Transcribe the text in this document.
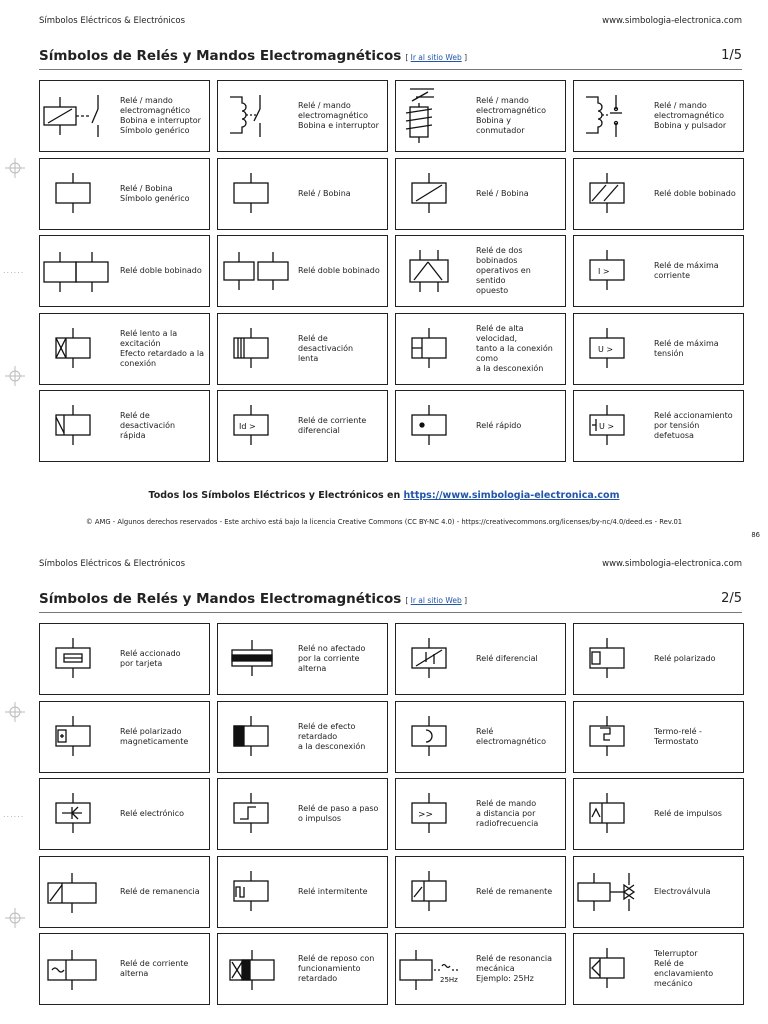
......
......
Símbolos Eléctricos & Electrónicos	www.simbologia-electronica.com
Símbolos de Relés y Mandos Electromagnéticos [ Ir al sitio Web ]	1/5
Relé / mando
electromagnético
Bobina e interruptor
Símbolo genérico
Relé / mando
electromagnético
Bobina e interruptor
Relé / mando
electromagnético
Bobina y conmutador
Relé / mando
electromagnético
Bobina y pulsador
Relé / Bobina
Símbolo genérico
Relé / Bobina	Relé / Bobina	Relé doble bobinado
Relé doble bobinado	Relé doble bobinado
Relé de dos bobinados
operativos en sentido
opuesto
I >
Relé de máxima corriente
Relé lento a la excitación
Efecto retardado a la
conexión
Relé de desactivación
lenta
Relé de alta velocidad,
tanto a la conexión como
a la desconexión
U >
Relé de máxima tensión
Relé de desactivación
rápida
Id >
Relé de corriente
diferencial
Relé rápido	U >
Relé accionamiento
por tensión defetuosa
Todos los Símbolos Eléctricos y Electrónicos en https://www.simbologia-electronica.com
© AMG - Algunos derechos reservados - Este archivo está bajo la licencia Creative Commons (CC BY-NC 4.0) - https://creativecommons.org/licenses/by-nc/4.0/deed.es - Rev.01
86
Símbolos Eléctricos & Electrónicos	www.simbologia-electronica.com
Símbolos de Relés y Mandos Electromagnéticos [ Ir al sitio Web ]	2/5
Relé accionado
por tarjeta
Relé no afectado
por la corriente alterna
Relé diferencial	Relé polarizado
Relé polarizado
magneticamente
Relé de efecto retardado
a la desconexión
Relé electromagnético
Termo-relé - Termostato
Relé electrónico
Relé de paso a paso
o impulsos	>>
Relé de mando
a distancia por
radiofrecuencia
Relé de impulsos
Relé de remanencia	Relé intermitente	Relé de remanente	Electroválvula
Relé de corriente alterna
Relé de reposo con
funcionamiento
retardado	25Hz
Relé de resonancia
mecánica
Ejemplo: 25Hz
Telerruptor
Relé de enclavamiento
mecánico
